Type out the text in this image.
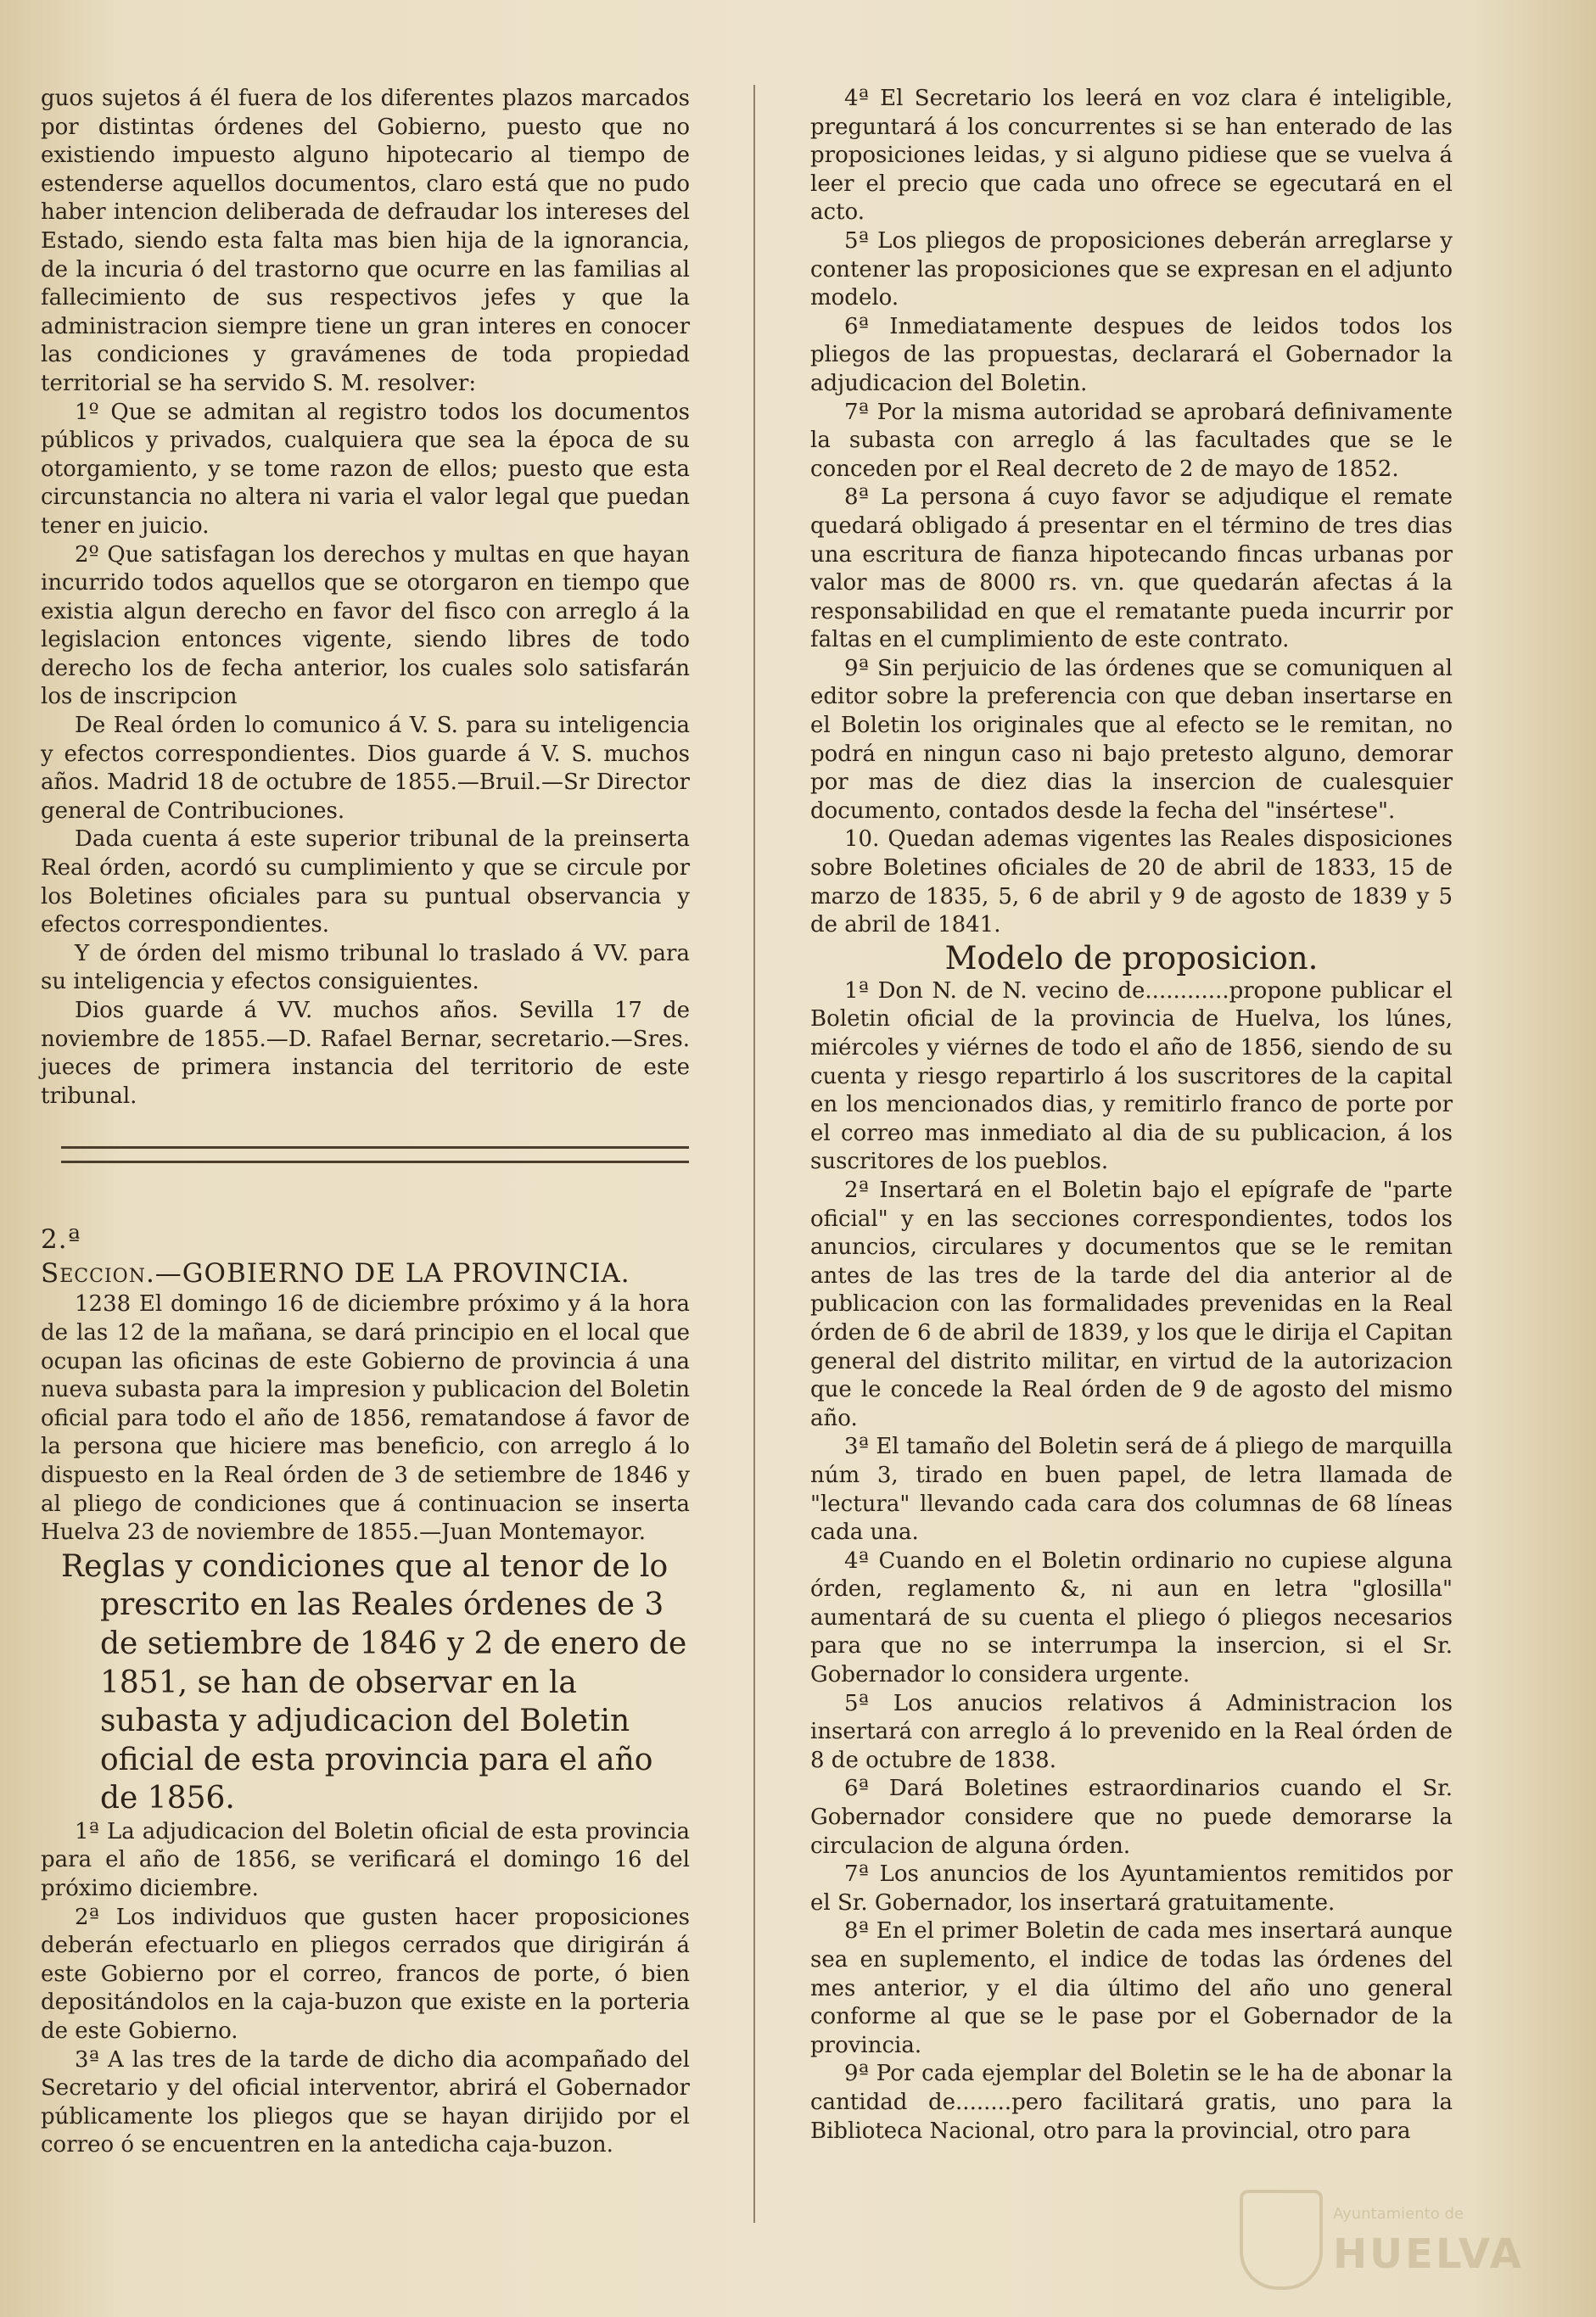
guos sujetos á él fuera de los diferentes plazos marcados por distintas órdenes del Gobierno, puesto que no existiendo impuesto alguno hipotecario al tiempo de estenderse aquellos documentos, claro está que no pudo haber intencion deliberada de defraudar los intereses del Estado, siendo esta falta mas bien hija de la ignorancia, de la incuria ó del trastorno que ocurre en las familias al fallecimiento de sus respectivos jefes y que la administracion siempre tiene un gran interes en conocer las condiciones y gravámenes de toda propiedad territorial se ha servido S. M. resolver:

1º Que se admitan al registro todos los documentos públicos y privados, cualquiera que sea la época de su otorgamiento, y se tome razon de ellos; puesto que esta circunstancia no altera ni varia el valor legal que puedan tener en juicio.

2º Que satisfagan los derechos y multas en que hayan incurrido todos aquellos que se otorgaron en tiempo que existia algun derecho en favor del fisco con arreglo á la legislacion entonces vigente, siendo libres de todo derecho los de fecha anterior, los cuales solo satisfarán los de inscripcion

De Real órden lo comunico á V. S. para su inteligencia y efectos correspondientes. Dios guarde á V. S. muchos años. Madrid 18 de octubre de 1855.—Bruil.—Sr Director general de Contribuciones.

Dada cuenta á este superior tribunal de la preinserta Real órden, acordó su cumplimiento y que se circule por los Boletines oficiales para su puntual observancia y efectos correspondientes.

Y de órden del mismo tribunal lo traslado á VV. para su inteligencia y efectos consiguientes.

Dios guarde á VV. muchos años. Sevilla 17 de noviembre de 1855.—D. Rafael Bernar, secretario.—Sres. jueces de primera instancia del territorio de este tribunal.

2.ª
Seccion.—GOBIERNO DE LA PROVINCIA.

1238 El domingo 16 de diciembre próximo y á la hora de las 12 de la mañana, se dará principio en el local que ocupan las oficinas de este Gobierno de provincia á una nueva subasta para la impresion y publicacion del Boletin oficial para todo el año de 1856, rematandose á favor de la persona que hiciere mas beneficio, con arreglo á lo dispuesto en la Real órden de 3 de setiembre de 1846 y al pliego de condiciones que á continuacion se inserta Huelva 23 de noviembre de 1855.—Juan Montemayor.

Reglas y condiciones que al tenor de lo prescrito en las Reales órdenes de 3 de setiembre de 1846 y 2 de enero de 1851, se han de observar en la subasta y adjudicacion del Boletin oficial de esta provincia para el año de 1856.

1ª La adjudicacion del Boletin oficial de esta provincia para el año de 1856, se verificará el domingo 16 del próximo diciembre.

2ª Los individuos que gusten hacer proposiciones deberán efectuarlo en pliegos cerrados que dirigirán á este Gobierno por el correo, francos de porte, ó bien depositándolos en la caja-buzon que existe en la porteria de este Gobierno.

3ª A las tres de la tarde de dicho dia acompañado del Secretario y del oficial interventor, abrirá el Gobernador públicamente los pliegos que se hayan dirijido por el correo ó se encuentren en la antedicha caja-buzon.

4ª El Secretario los leerá en voz clara é inteligible, preguntará á los concurrentes si se han enterado de las proposiciones leidas, y si alguno pidiese que se vuelva á leer el precio que cada uno ofrece se egecutará en el acto.

5ª Los pliegos de proposiciones deberán arreglarse y contener las proposiciones que se expresan en el adjunto modelo.

6ª Inmediatamente despues de leidos todos los pliegos de las propuestas, declarará el Gobernador la adjudicacion del Boletin.

7ª Por la misma autoridad se aprobará definivamente la subasta con arreglo á las facultades que se le conceden por el Real decreto de 2 de mayo de 1852.

8ª La persona á cuyo favor se adjudique el remate quedará obligado á presentar en el término de tres dias una escritura de fianza hipotecando fincas urbanas por valor mas de 8000 rs. vn. que quedarán afectas á la responsabilidad en que el rematante pueda incurrir por faltas en el cumplimiento de este contrato.

9ª Sin perjuicio de las órdenes que se comuniquen al editor sobre la preferencia con que deban insertarse en el Boletin los originales que al efecto se le remitan, no podrá en ningun caso ni bajo pretesto alguno, demorar por mas de diez dias la insercion de cualesquier documento, contados desde la fecha del "insértese".

10. Quedan ademas vigentes las Reales disposiciones sobre Boletines oficiales de 20 de abril de 1833, 15 de marzo de 1835, 5, 6 de abril y 9 de agosto de 1839 y 5 de abril de 1841.

Modelo de proposicion.

1ª Don N. de N. vecino de............propone publicar el Boletin oficial de la provincia de Huelva, los lúnes, miércoles y viérnes de todo el año de 1856, siendo de su cuenta y riesgo repartirlo á los suscritores de la capital en los mencionados dias, y remitirlo franco de porte por el correo mas inmediato al dia de su publicacion, á los suscritores de los pueblos.

2ª Insertará en el Boletin bajo el epígrafe de "parte oficial" y en las secciones correspondientes, todos los anuncios, circulares y documentos que se le remitan antes de las tres de la tarde del dia anterior al de publicacion con las formalidades prevenidas en la Real órden de 6 de abril de 1839, y los que le dirija el Capitan general del distrito militar, en virtud de la autorizacion que le concede la Real órden de 9 de agosto del mismo año.

3ª El tamaño del Boletin será de á pliego de marquilla núm 3, tirado en buen papel, de letra llamada de "lectura" llevando cada cara dos columnas de 68 líneas cada una.

4ª Cuando en el Boletin ordinario no cupiese alguna órden, reglamento &, ni aun en letra "glosilla" aumentará de su cuenta el pliego ó pliegos necesarios para que no se interrumpa la insercion, si el Sr. Gobernador lo considera urgente.

5ª Los anucios relativos á Administracion los insertará con arreglo á lo prevenido en la Real órden de 8 de octubre de 1838.

6ª Dará Boletines estraordinarios cuando el Sr. Gobernador considere que no puede demorarse la circulacion de alguna órden.

7ª Los anuncios de los Ayuntamientos remitidos por el Sr. Gobernador, los insertará gratuitamente.

8ª En el primer Boletin de cada mes insertará aunque sea en suplemento, el indice de todas las órdenes del mes anterior, y el dia último del año uno general conforme al que se le pase por el Gobernador de la provincia.

9ª Por cada ejemplar del Boletin se le ha de abonar la cantidad de........pero facilitará gratis, uno para la Biblioteca Nacional, otro para la provincial, otro para

Ayuntamiento de
HUELVA
